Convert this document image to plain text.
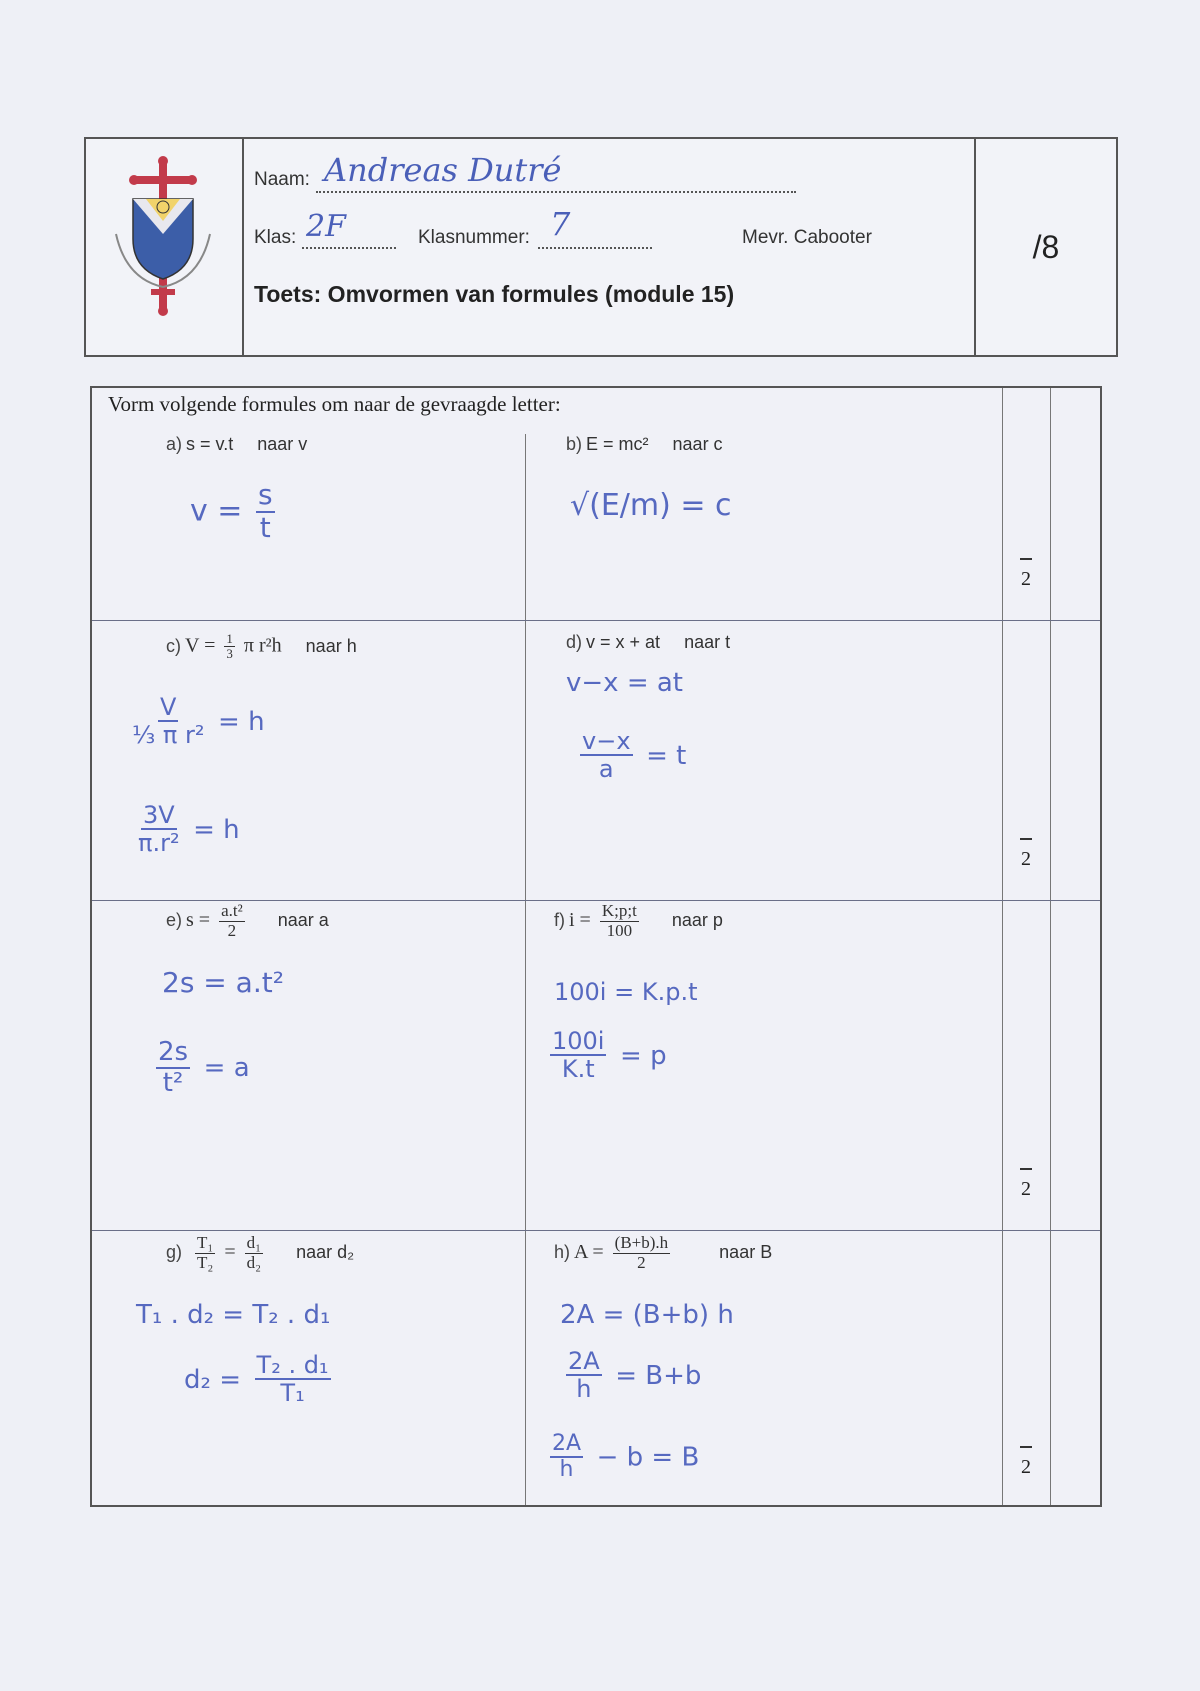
Naam: Andreas Dutré
Klas: 2F	Klasnummer: 7	Mevr. Cabooter
Toets: Omvormen van formules (module 15)
/8
Vorm volgende formules om naar de gevraagde letter:
2
2
2
2
a) s = v.t naar v
$v = \frac{s}{t}$
b) E = mc² naar c
√(E/m) = c
c) $V = \frac{1}{3}$ π r²h naar h
$\frac{V}{\text{⅓ π r²}} = h$
$\frac{3V}{\text{π.r²}} = h$
d) v = x + at naar t
v−x = at
$\frac{v-x}{a} = t$
e) $s = \frac{\text{a.t²}}{2}$ naar a
2s = a.t²
$\frac{2s}{\text{t²}} = a$
f) $i = \frac{K;p;t}{100}$ naar p
100i = K.p.t
$\frac{100i}{K.t} = p$
$g) \frac{\text{T₁}}{\text{T₂}} = \frac{\text{d₁}}{\text{d₂}}$ naar d₂
T₁ . d₂ = T₂ . d₁
$d_2 = \frac{\text{T₂ . d₁}}{\text{T₁}}$
h) $A = \frac{(B+b).h}{2}$	naar B
2A = (B+b) h
$\frac{2A}{h} = B+b$
$\frac{2A}{h} - b = B$
